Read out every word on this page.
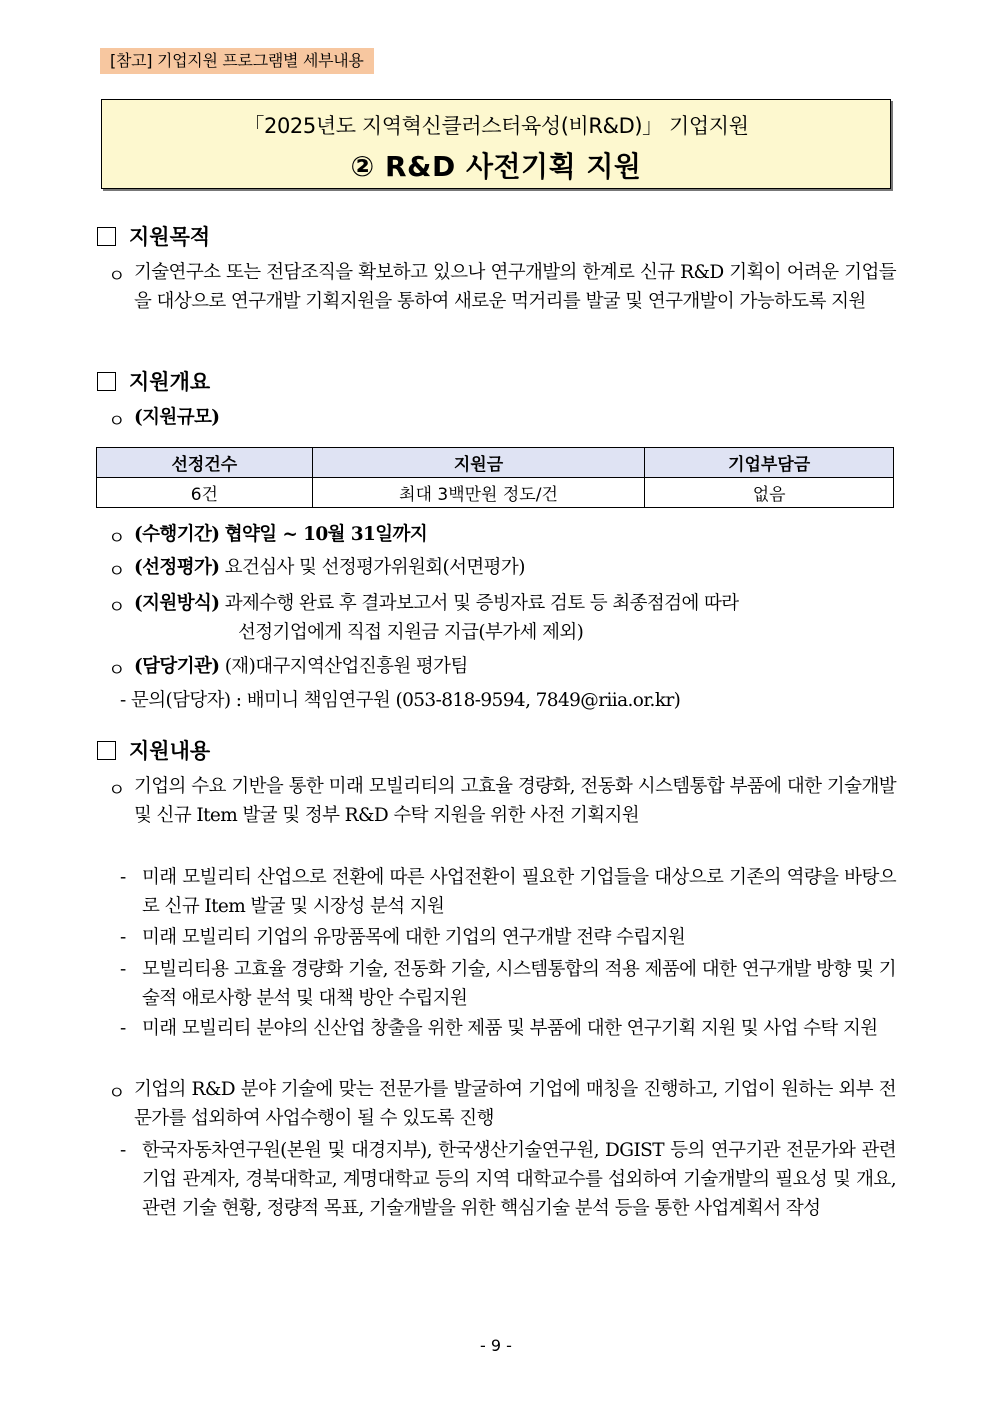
[참고] 기업지원 프로그램별 세부내용
「2025년도 지역혁신클러스터육성(비R&D)」 기업지원
② R&D 사전기획 지원
지원목적
ㅇ 기술연구소 또는 전담조직을 확보하고 있으나 연구개발의 한계로 신규 R&D 기획이 어려운 기업들을 대상으로 연구개발 기획지원을 통하여 새로운 먹거리를 발굴 및 연구개발이 가능하도록 지원
지원개요
ㅇ (지원규모)
선정건수	지원금	기업부담금
6건	최대 3백만원 정도/건	없음
ㅇ (수행기간) 협약일 ~ 10월 31일까지
ㅇ (선정평가) 요건심사 및 선정평가위원회(서면평가)
ㅇ (지원방식) 과제수행 완료 후 결과보고서 및 증빙자료 검토 등 최종점검에 따라
선정기업에게 직접 지원금 지급(부가세 제외)
ㅇ (담당기관) (재)대구지역산업진흥원 평가팀
- 문의(담당자) : 배미니 책임연구원 (053-818-9594, 7849@riia.or.kr)
지원내용
ㅇ 기업의 수요 기반을 통한 미래 모빌리티의 고효율 경량화, 전동화 시스템통합 부품에 대한 기술개발 및 신규 Item 발굴 및 정부 R&D 수탁 지원을 위한 사전 기획지원
- 미래 모빌리티 산업으로 전환에 따른 사업전환이 필요한 기업들을 대상으로 기존의 역량을 바탕으로 신규 Item 발굴 및 시장성 분석 지원
- 미래 모빌리티 기업의 유망품목에 대한 기업의 연구개발 전략 수립지원
- 모빌리티용 고효율 경량화 기술, 전동화 기술, 시스템통합의 적용 제품에 대한 연구개발 방향 및 기술적 애로사항 분석 및 대책 방안 수립지원
- 미래 모빌리티 분야의 신산업 창출을 위한 제품 및 부품에 대한 연구기획 지원 및 사업 수탁 지원
ㅇ 기업의 R&D 분야 기술에 맞는 전문가를 발굴하여 기업에 매칭을 진행하고, 기업이 원하는 외부 전문가를 섭외하여 사업수행이 될 수 있도록 진행
- 한국자동차연구원(본원 및 대경지부), 한국생산기술연구원, DGIST 등의 연구기관 전문가와 관련 기업 관계자, 경북대학교, 계명대학교 등의 지역 대학교수를 섭외하여 기술개발의 필요성 및 개요, 관련 기술 현황, 정량적 목표, 기술개발을 위한 핵심기술 분석 등을 통한 사업계획서 작성
- 9 -
